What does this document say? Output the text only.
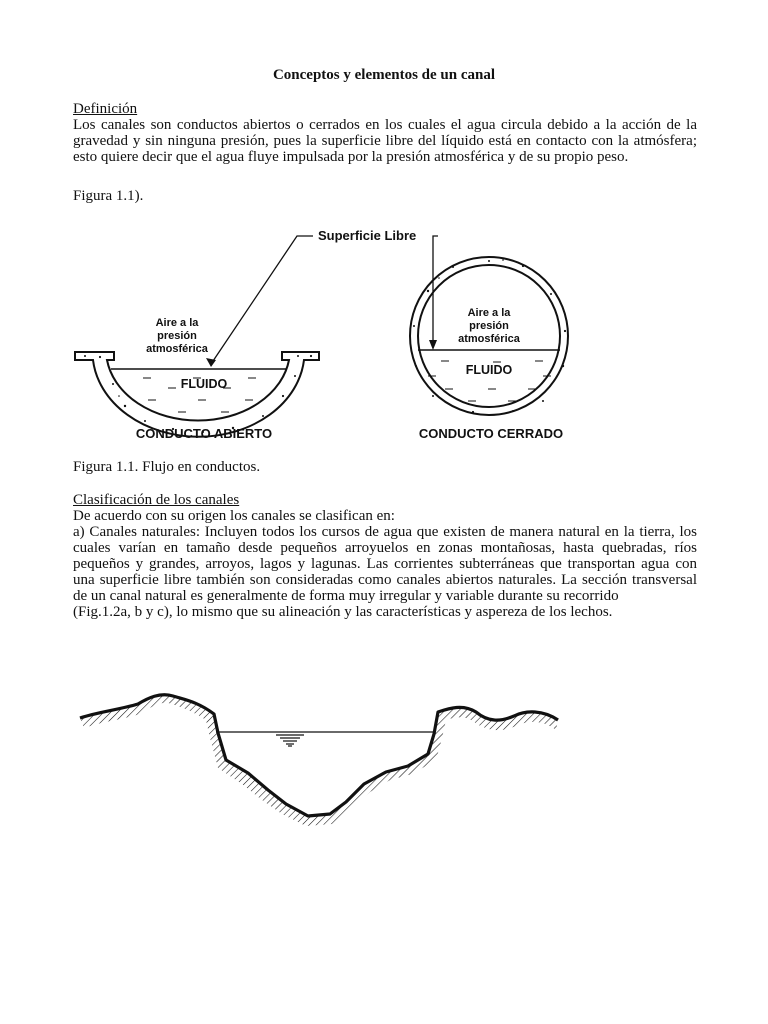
Conceptos y elementos de un canal
Definición
Los canales son conductos abiertos o cerrados en los cuales el agua circula debido a la acción de la
gravedad y sin ninguna presión, pues la superficie libre del líquido está en contacto con la atmósfera;
esto quiere decir que el agua fluye impulsada por la presión atmosférica y de su propio peso.
Figura 1.1).
FLUIDO
Aire a la
presión
atmosférica
FLUIDO
Aire a la
presión
atmosférica
Superficie Libre
CONDUCTO ABIERTO	CONDUCTO CERRADO
Figura 1.1. Flujo en conductos.
Clasificación de los canales
De acuerdo con su origen los canales se clasifican en:
a) Canales naturales: Incluyen todos los cursos de agua que existen de manera natural en la tierra, los
cuales varían en tamaño desde pequeños arroyuelos en zonas montañosas, hasta quebradas, ríos
pequeños y grandes, arroyos, lagos y lagunas. Las corrientes subterráneas que transportan agua con
una superficie libre también son consideradas como canales abiertos naturales. La sección transversal
de un canal natural es generalmente de forma muy irregular y variable durante su recorrido
(Fig.1.2a, b y c), lo mismo que su alineación y las características y aspereza de los lechos.
